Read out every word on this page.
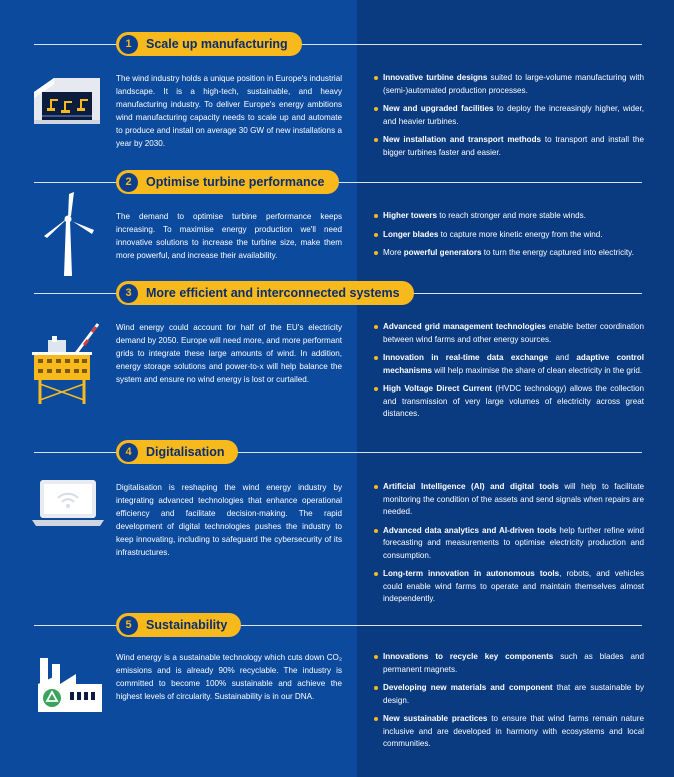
1	Scale up manufacturing
The wind industry holds a unique position in Europe's industrial landscape. It is a high-tech, sustainable, and heavy manufacturing industry. To deliver Europe's energy ambitions wind manufacturing capacity needs to scale up and automate to produce and install on average 30 GW of new installations a year by 2030.
Innovative turbine designs suited to large-volume manufacturing with (semi-)automated production processes.
New and upgraded facilities to deploy the increasingly higher, wider, and heavier turbines.
New installation and transport methods to transport and install the bigger turbines faster and easier.
2	Optimise turbine performance
The demand to optimise turbine performance keeps increasing. To maximise energy production we'll need innovative solutions to increase the turbine size, make them more powerful, and increase their availability.
Higher towers to reach stronger and more stable winds.
Longer blades to capture more kinetic energy from the wind.
More powerful generators to turn the energy captured into electricity.
3	More efficient and interconnected systems
Wind energy could account for half of the EU's electricity demand by 2050. Europe will need more, and more performant grids to integrate these large amounts of wind. In addition, energy storage solutions and power-to-x will help balance the system and ensure no wind energy is lost or curtailed.
Advanced grid management technologies enable better coordination between wind farms and other energy sources.
Innovation in real-time data exchange and adaptive control mechanisms will help maximise the share of clean electricity in the grid.
High Voltage Direct Current (HVDC technology) allows the collection and transmission of very large volumes of electricity across great distances.
4	Digitalisation
Digitalisation is reshaping the wind energy industry by integrating advanced technologies that enhance operational efficiency and facilitate decision-making. The rapid development of digital technologies pushes the industry to keep innovating, including to safeguard the cybersecurity of its infrastructures.
Artificial Intelligence (AI) and digital tools will help to facilitate monitoring the condition of the assets and send signals when repairs are needed.
Advanced data analytics and AI-driven tools help further refine wind forecasting and measurements to optimise electricity production and consumption.
Long-term innovation in autonomous tools, robots, and vehicles could enable wind farms to operate and maintain themselves almost independently.
5	Sustainability
Wind energy is a sustainable technology which cuts down CO₂ emissions and is already 90% recyclable. The industry is committed to become 100% sustainable and achieve the highest levels of circularity. Sustainability is in our DNA.
Innovations to recycle key components such as blades and permanent magnets.
Developing new materials and component that are sustainable by design.
New sustainable practices to ensure that wind farms remain nature inclusive and are developed in harmony with ecosystems and local communities.
